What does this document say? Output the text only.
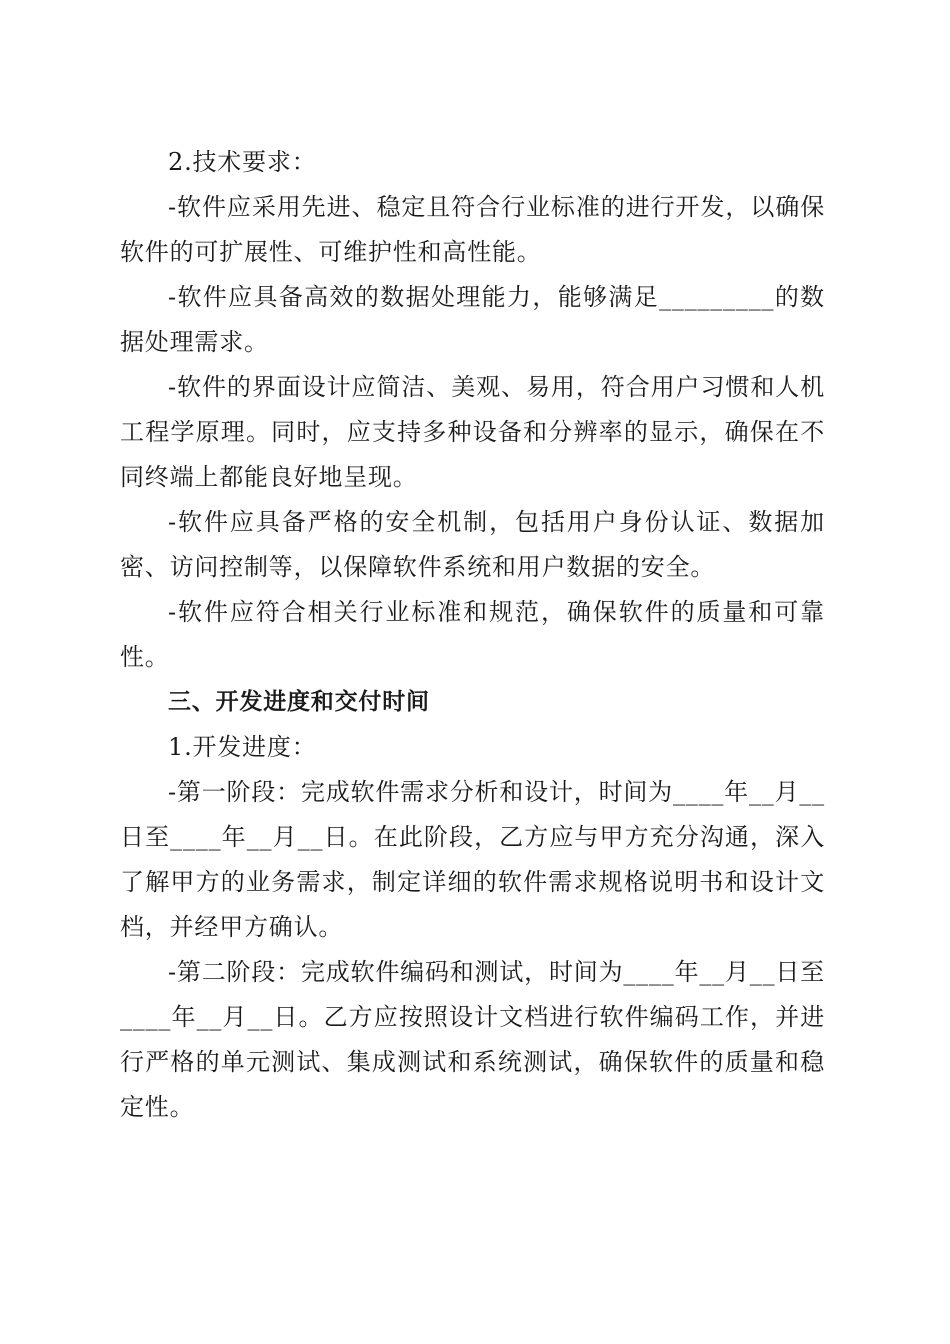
2.技术要求：

-软件应采用先进、稳定且符合行业标准的进行开发，以确保软件的可扩展性、可维护性和高性能。

-软件应具备高效的数据处理能力，能够满足_________的数据处理需求。

-软件的界面设计应简洁、美观、易用，符合用户习惯和人机工程学原理。同时，应支持多种设备和分辨率的显示，确保在不同终端上都能良好地呈现。

-软件应具备严格的安全机制，包括用户身份认证、数据加密、访问控制等，以保障软件系统和用户数据的安全。

-软件应符合相关行业标准和规范，确保软件的质量和可靠性。

三、开发进度和交付时间

1.开发进度：

-第一阶段：完成软件需求分析和设计，时间为____年__月__日至____年__月__日。在此阶段，乙方应与甲方充分沟通，深入了解甲方的业务需求，制定详细的软件需求规格说明书和设计文档，并经甲方确认。

-第二阶段：完成软件编码和测试，时间为____年__月__日至____年__月__日。乙方应按照设计文档进行软件编码工作，并进行严格的单元测试、集成测试和系统测试，确保软件的质量和稳定性。
